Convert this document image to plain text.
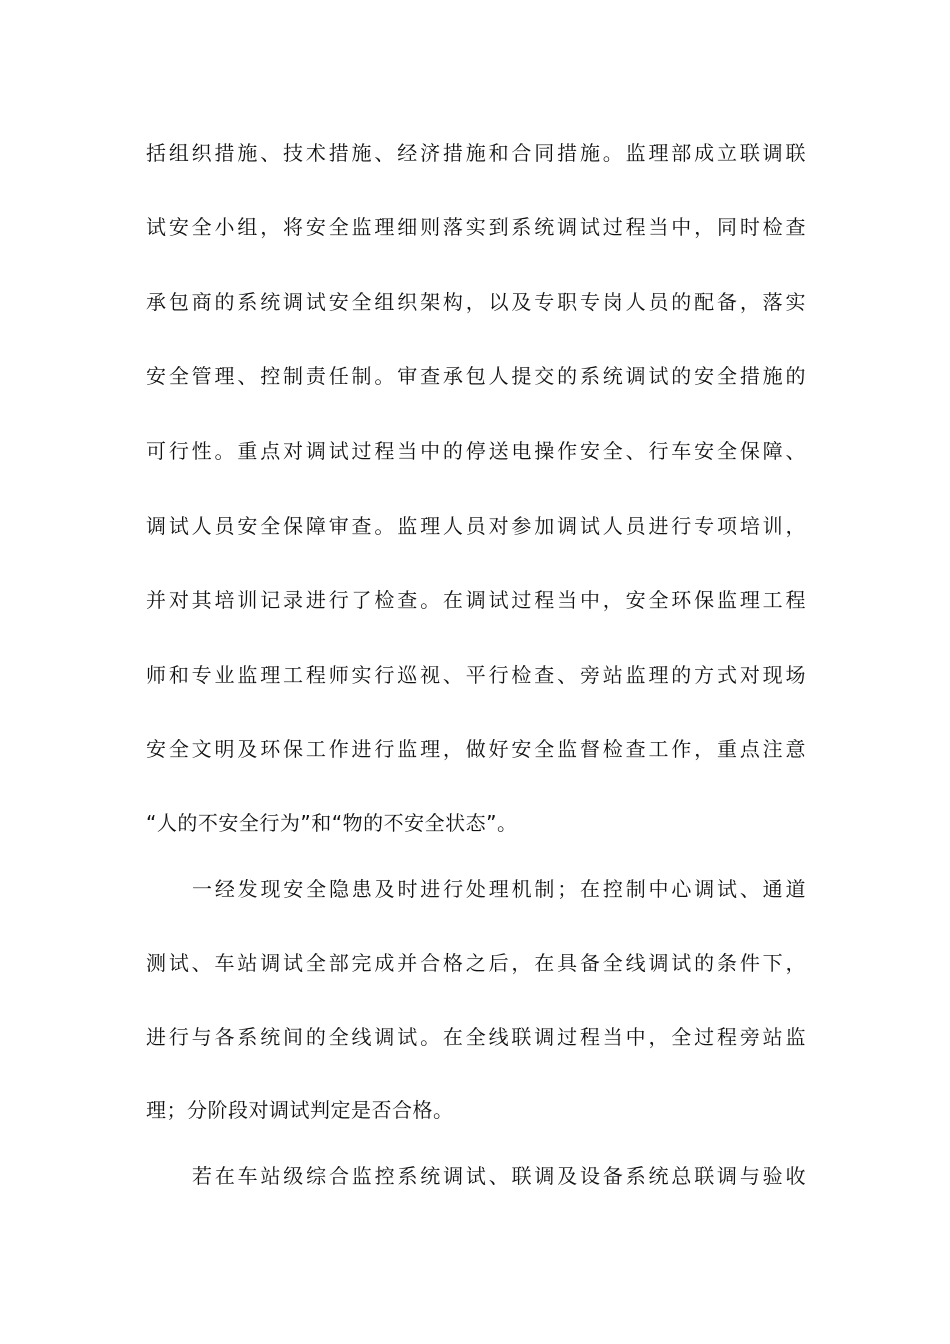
括组织措施、技术措施、经济措施和合同措施。监理部成立联调联
试安全小组，将安全监理细则落实到系统调试过程当中，同时检查
承包商的系统调试安全组织架构，以及专职专岗人员的配备，落实
安全管理、控制责任制。审查承包人提交的系统调试的安全措施的
可行性。重点对调试过程当中的停送电操作安全、行车安全保障、
调试人员安全保障审查。监理人员对参加调试人员进行专项培训，
并对其培训记录进行了检查。在调试过程当中，安全环保监理工程
师和专业监理工程师实行巡视、平行检查、旁站监理的方式对现场
安全文明及环保工作进行监理，做好安全监督检查工作，重点注意
“人的不安全行为”和“物的不安全状态”。
一经发现安全隐患及时进行处理机制；在控制中心调试、通道
测试、车站调试全部完成并合格之后，在具备全线调试的条件下，
进行与各系统间的全线调试。在全线联调过程当中，全过程旁站监
理；分阶段对调试判定是否合格。
若在车站级综合监控系统调试、联调及设备系统总联调与验收
